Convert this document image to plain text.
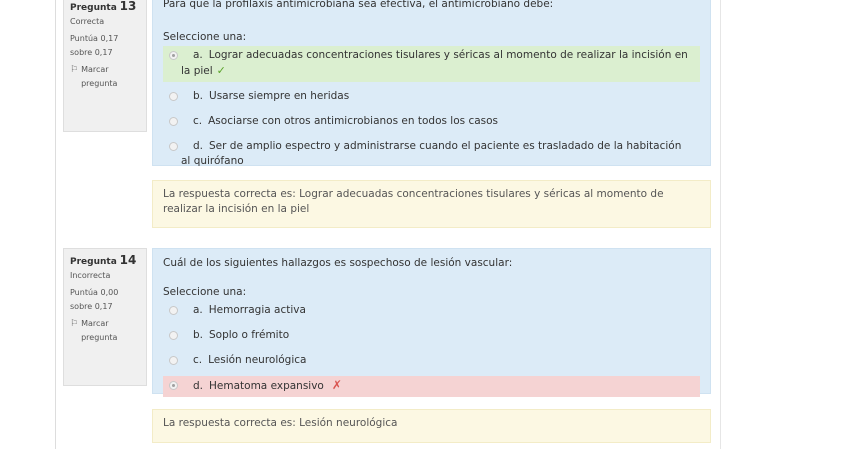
Pregunta 13
Correcta
Puntúa 0,17
sobre 0,17
⚐ Marcar
pregunta
Para que la profilaxis antimicrobiana sea efectiva, el antimicrobiano debe:
Seleccione una:
a. Lograr adecuadas concentraciones tisulares y séricas al momento de realizar la incisión en la piel ✓
b. Usarse siempre en heridas
c. Asociarse con otros antimicrobianos en todos los casos
d. Ser de amplio espectro y administrarse cuando el paciente es trasladado de la habitación al quirófano
La respuesta correcta es: Lograr adecuadas concentraciones tisulares y séricas al momento de realizar la incisión en la piel
Pregunta 14
Incorrecta
Puntúa 0,00
sobre 0,17
⚐ Marcar
pregunta
Cuál de los siguientes hallazgos es sospechoso de lesión vascular:
Seleccione una:
a. Hemorragia activa
b. Soplo o frémito
c. Lesión neurológica
d. Hematoma expansivo ✗
La respuesta correcta es: Lesión neurológica
